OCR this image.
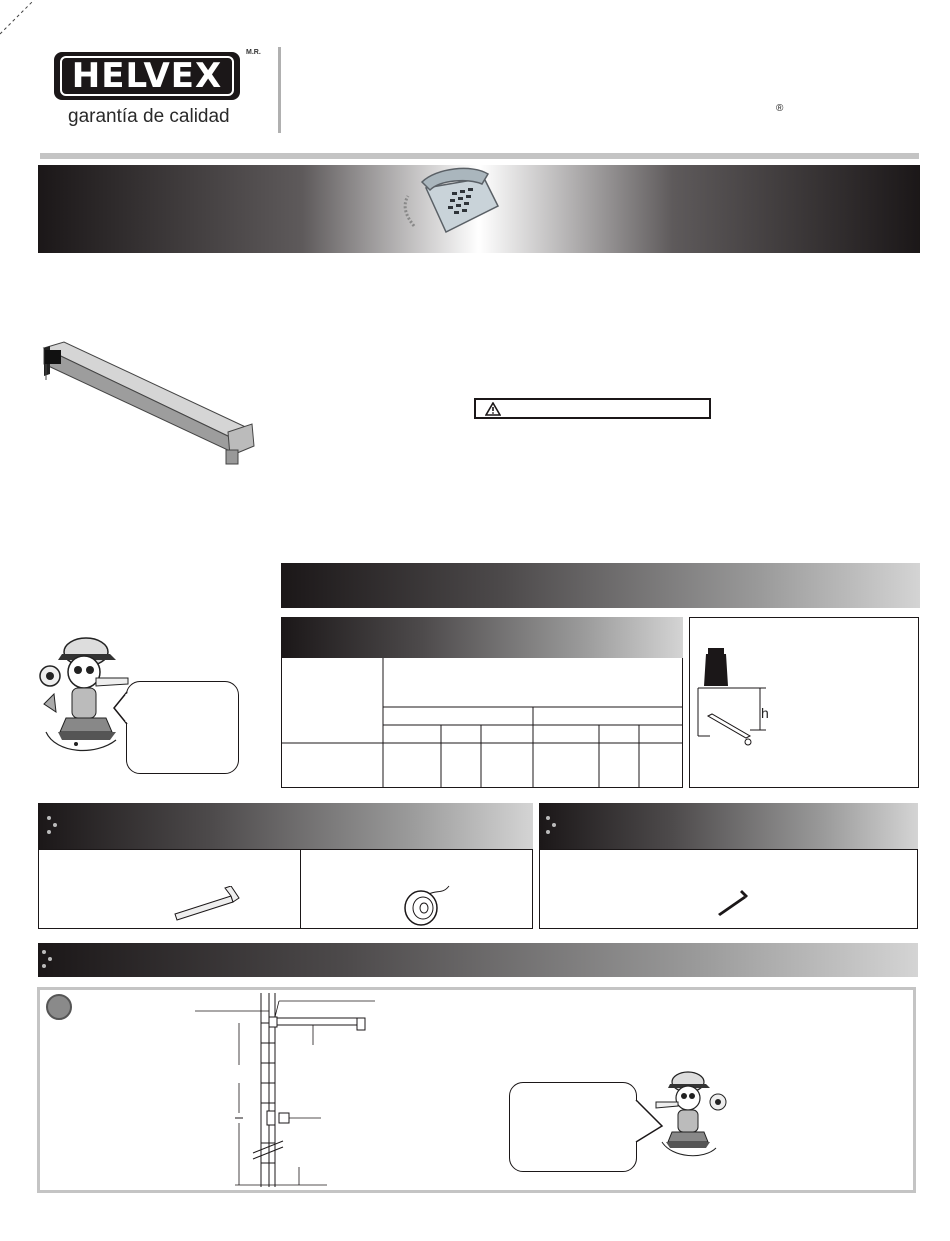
HELVEX
M.R.
garantía de calidad	®
h
